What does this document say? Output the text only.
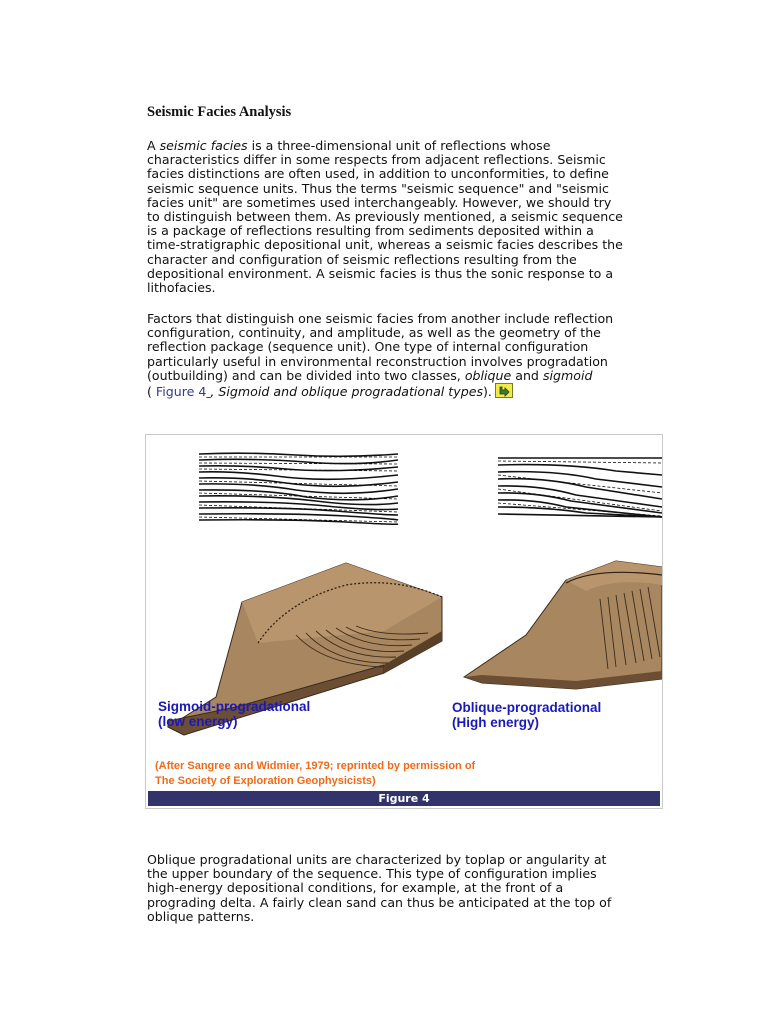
Seismic Facies Analysis

A seismic facies is a three-dimensional unit of reflections whose characteristics differ in some respects from adjacent reflections. Seismic facies distinctions are often used, in addition to unconformities, to define seismic sequence units. Thus the terms "seismic sequence" and "seismic facies unit" are sometimes used interchangeably. However, we should try to distinguish between them. As previously mentioned, a seismic sequence is a package of reflections resulting from sediments deposited within a time-stratigraphic depositional unit, whereas a seismic facies describes the character and configuration of seismic reflections resulting from the depositional environment. A seismic facies is thus the sonic response to a lithofacies.

Factors that distinguish one seismic facies from another include reflection configuration, continuity, and amplitude, as well as the geometry of the reflection package (sequence unit). One type of internal configuration particularly useful in environmental reconstruction involves progradation (outbuilding) and can be divided into two classes, oblique and sigmoid
( Figure 4 , Sigmoid and oblique progradational types).

Sigmoid-progradational
(low energy)
Oblique-progradational
(High energy)
(After Sangree and Widmier, 1979; reprinted by permission of
The Society of Exploration Geophysicists)
Figure 4

Oblique progradational units are characterized by toplap or angularity at the upper boundary of the sequence. This type of configuration implies high-energy depositional conditions, for example, at the front of a prograding delta. A fairly clean sand can thus be anticipated at the top of oblique patterns.
